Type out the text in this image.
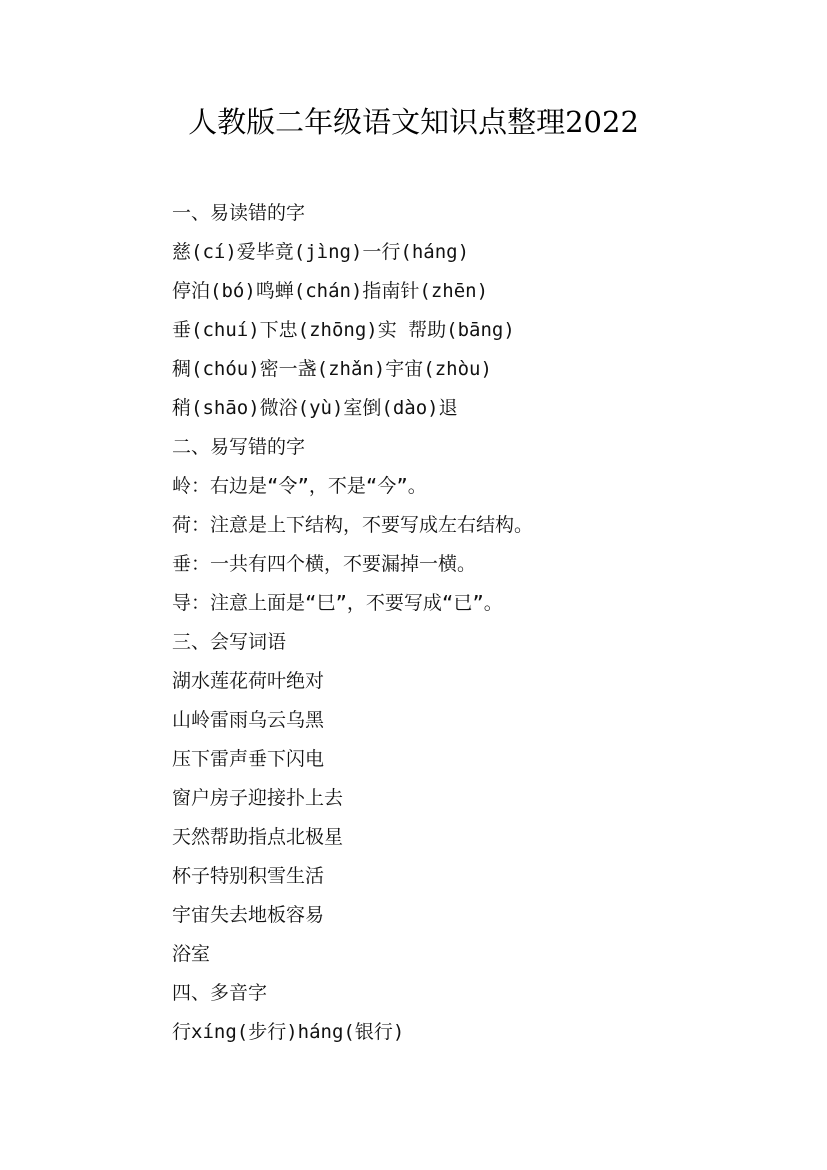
人教版二年级语文知识点整理2022
一、易读错的字
慈(cí)爱毕竟(jìng)一行(háng)
停泊(bó)鸣蝉(chán)指南针(zhēn)
垂(chuí)下忠(zhōng)实 帮助(bāng)
稠(chóu)密一盏(zhǎn)宇宙(zhòu)
稍(shāo)微浴(yù)室倒(dào)退
二、易写错的字
岭：右边是“令”，不是“今”。
荷：注意是上下结构，不要写成左右结构。
垂：一共有四个横，不要漏掉一横。
导：注意上面是“巳”，不要写成“已”。
三、会写词语
湖水莲花荷叶绝对
山岭雷雨乌云乌黑
压下雷声垂下闪电
窗户房子迎接扑上去
天然帮助指点北极星
杯子特别积雪生活
宇宙失去地板容易
浴室
四、多音字
行xíng(步行)háng(银行)
